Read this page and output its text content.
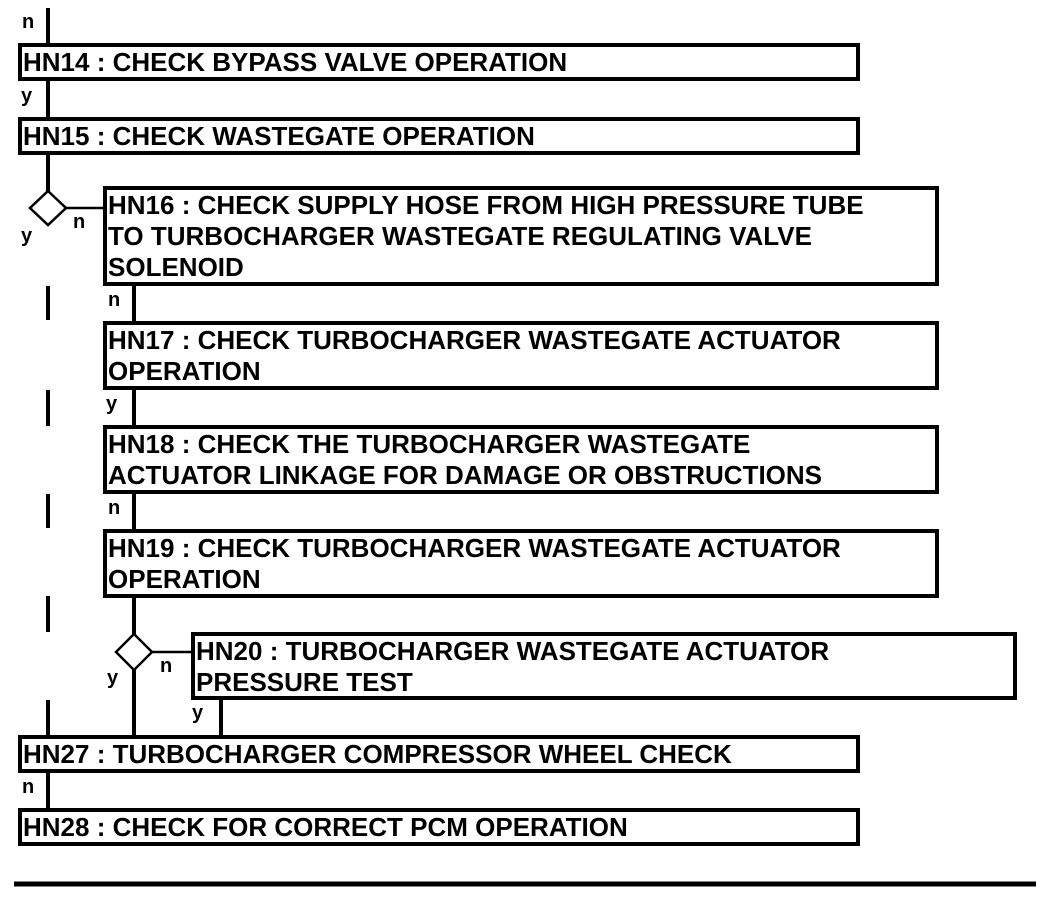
HN14 : CHECK BYPASS VALVE OPERATION
HN15 : CHECK WASTEGATE OPERATION
HN16 : CHECK SUPPLY HOSE FROM HIGH PRESSURE TUBE
TO TURBOCHARGER WASTEGATE REGULATING VALVE
SOLENOID
HN17 : CHECK TURBOCHARGER WASTEGATE ACTUATOR
OPERATION
HN18 : CHECK THE TURBOCHARGER WASTEGATE
ACTUATOR LINKAGE FOR DAMAGE OR OBSTRUCTIONS
HN19 : CHECK TURBOCHARGER WASTEGATE ACTUATOR
OPERATION
HN20 : TURBOCHARGER WASTEGATE ACTUATOR
PRESSURE TEST
HN27 : TURBOCHARGER COMPRESSOR WHEEL CHECK
HN28 : CHECK FOR CORRECT PCM OPERATION
n
y
y
n
n
y
n
y
n
y
n
